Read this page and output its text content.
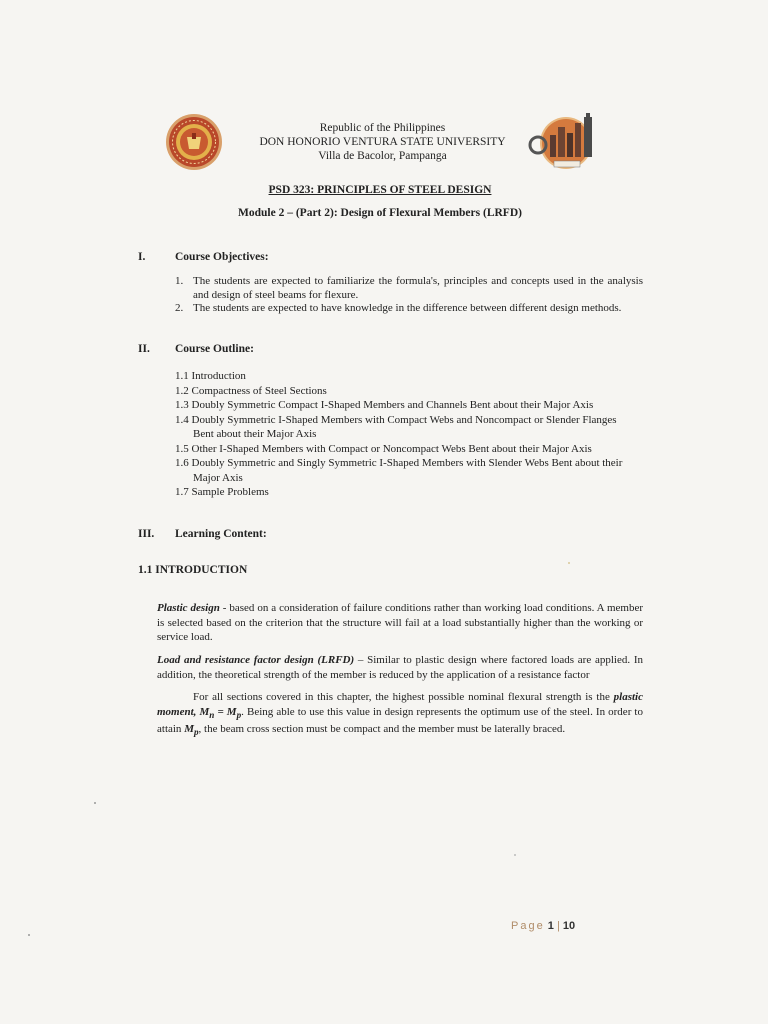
Republic of the Philippines
DON HONORIO VENTURA STATE UNIVERSITY
Villa de Bacolor, Pampanga
PSD 323: PRINCIPLES OF STEEL DESIGN
Module 2 – (Part 2): Design of Flexural Members (LRFD)
I.	Course Objectives:
1. The students are expected to familiarize the formula's, principles and concepts used in the analysis and design of steel beams for flexure.
2. The students are expected to have knowledge in the difference between different design methods.
II. Course Outline:
1.1 Introduction
1.2 Compactness of Steel Sections
1.3 Doubly Symmetric Compact I-Shaped Members and Channels Bent about their Major Axis
1.4 Doubly Symmetric I-Shaped Members with Compact Webs and Noncompact or Slender Flanges
Bent about their Major Axis
1.5 Other I-Shaped Members with Compact or Noncompact Webs Bent about their Major Axis
1.6 Doubly Symmetric and Singly Symmetric I-Shaped Members with Slender Webs Bent about their
Major Axis
1.7 Sample Problems
III. Learning Content:
1.1 INTRODUCTION
Plastic design - based on a consideration of failure conditions rather than working load conditions. A member is selected based on the criterion that the structure will fail at a load substantially higher than the working or service load.
Load and resistance factor design (LRFD) – Similar to plastic design where factored loads are applied. In addition, the theoretical strength of the member is reduced by the application of a resistance factor
For all sections covered in this chapter, the highest possible nominal flexural strength is the plastic moment, $M_n = M_p$. Being able to use this value in design represents the optimum use of the steel. In order to attain $M_p$, the beam cross section must be compact and the member must be laterally braced.
Page 1 | 10
